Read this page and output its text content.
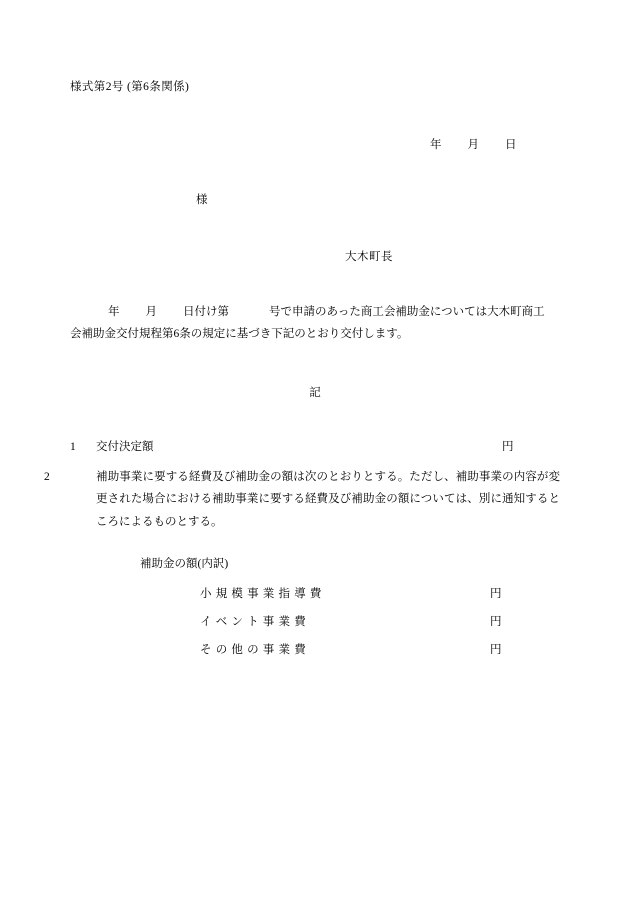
様式第2号 (第6条関係)
年 月 日
様
大木町長
年 月 日付け第	号で申請のあった商工会補助金については大木町商工
会補助金交付規程第6条の規定に基づき下記のとおり交付します。
記
1 交付決定額	円
2	補助事業に要する経費及び補助金の額は次のとおりとする。ただし、補助事業の内容が変更された場合における補助事業に要する経費及び補助金の額については、別に通知するところによるものとする。
補助金の額(内訳)
小規模事業指導費	円
イベント事業費	円
その他の事業費	円
